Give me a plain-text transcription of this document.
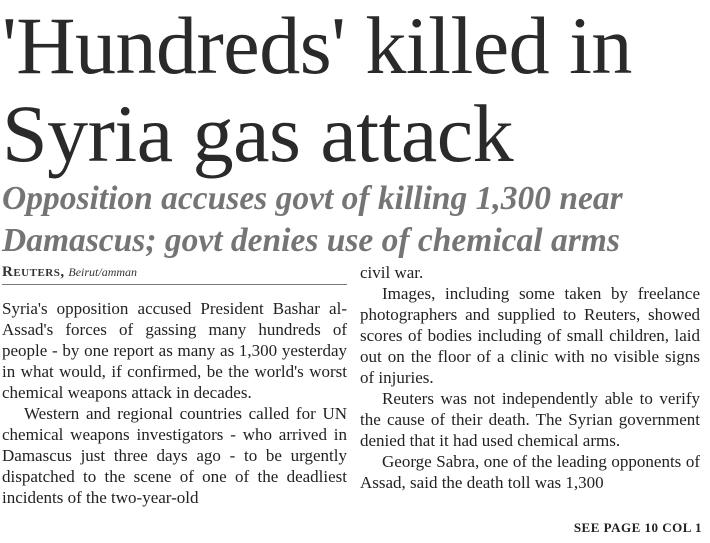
'Hundreds' killed in
Syria gas attack
Opposition accuses govt of killing 1,300 near
Damascus; govt denies use of chemical arms
Reuters, Beirut/amman

Syria's opposition accused President Bashar al-Assad's forces of gassing many hundreds of people - by one report as many as 1,300 yesterday in what would, if confirmed, be the world's worst chemical weapons attack in decades.

Western and regional countries called for UN chemical weapons investigators - who arrived in Damascus just three days ago - to be urgently dispatched to the scene of one of the deadliest incidents of the two-year-old

civil war.

Images, including some taken by freelance photographers and supplied to Reuters, showed scores of bodies including of small children, laid out on the floor of a clinic with no visible signs of injuries.

Reuters was not independently able to verify the cause of their death. The Syrian government denied that it had used chemical arms.

George Sabra, one of the leading opponents of Assad, said the death toll was 1,300

SEE PAGE 10 COL 1
